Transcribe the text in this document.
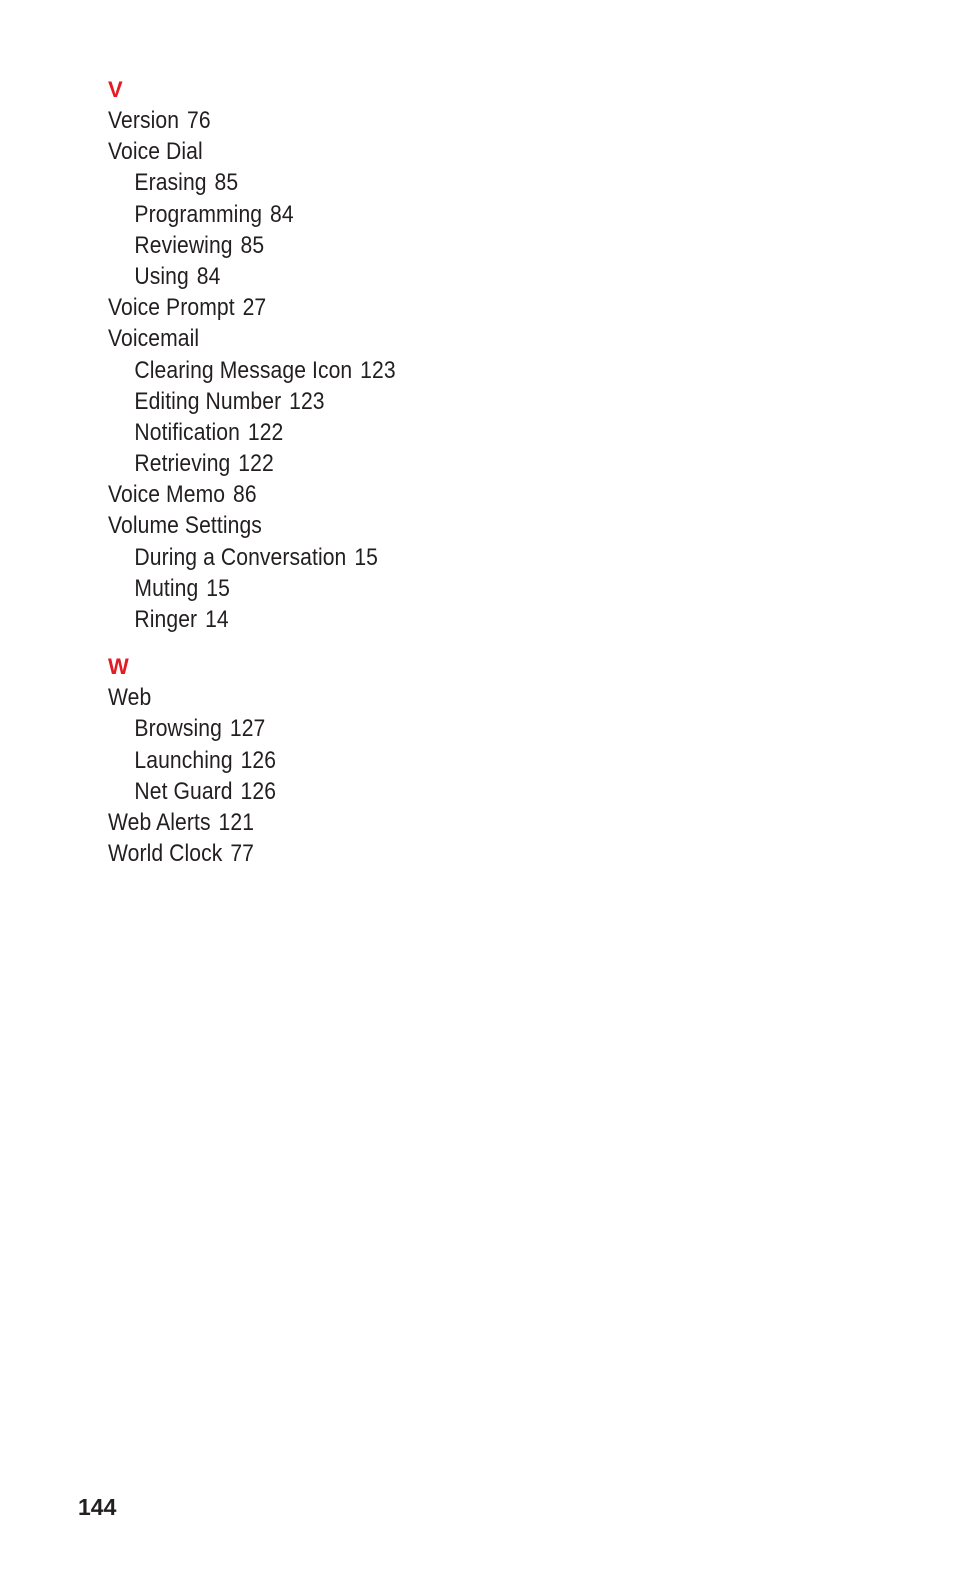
V
Version 76
Voice Dial
Erasing 85
Programming 84
Reviewing 85
Using 84
Voice Prompt 27
Voicemail
Clearing Message Icon 123
Editing Number 123
Notification 122
Retrieving 122
Voice Memo 86
Volume Settings
During a Conversation 15
Muting 15
Ringer 14
W
Web
Browsing 127
Launching 126
Net Guard 126
Web Alerts 121
World Clock 77
144
